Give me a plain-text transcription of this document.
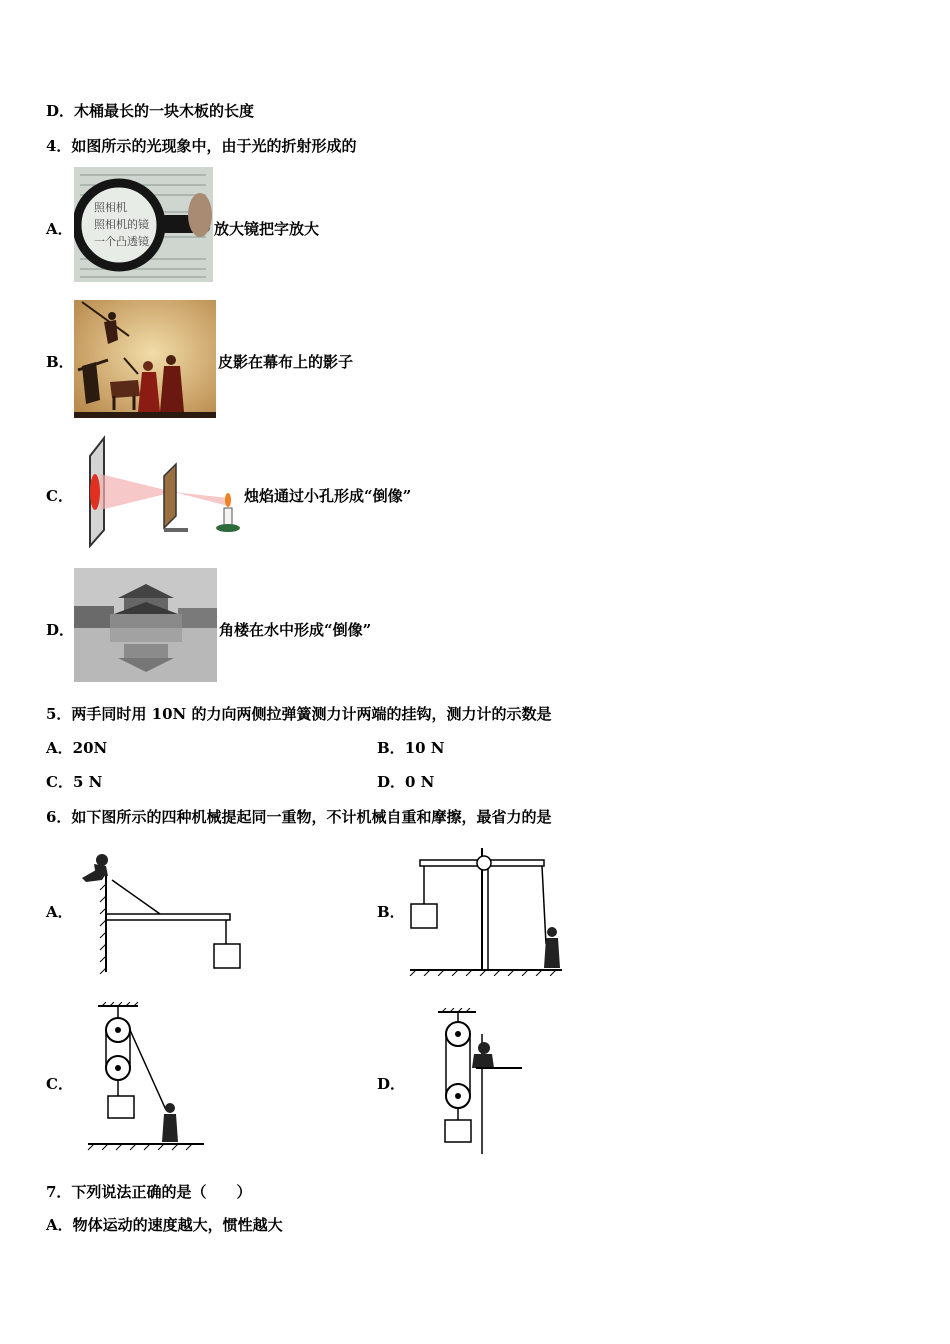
D．木桶最长的一块木板的长度
4．如图所示的光现象中，由于光的折射形成的
A．
照相机
照相机的镜
一个凸透镜
放大镜把字放大
B．	皮影在幕布上的影子
C．	烛焰通过小孔形成“倒像”
D．	角楼在水中形成“倒像”
5．两手同时用 10N 的力向两侧拉弹簧测力计两端的挂钩，测力计的示数是
A．20N	B．10 N
C．5 N	D．0 N
6．如下图所示的四种机械提起同一重物，不计机械自重和摩擦，最省力的是
A．	B．
C．	D．
7．下列说法正确的是（　　）
A．物体运动的速度越大，惯性越大
